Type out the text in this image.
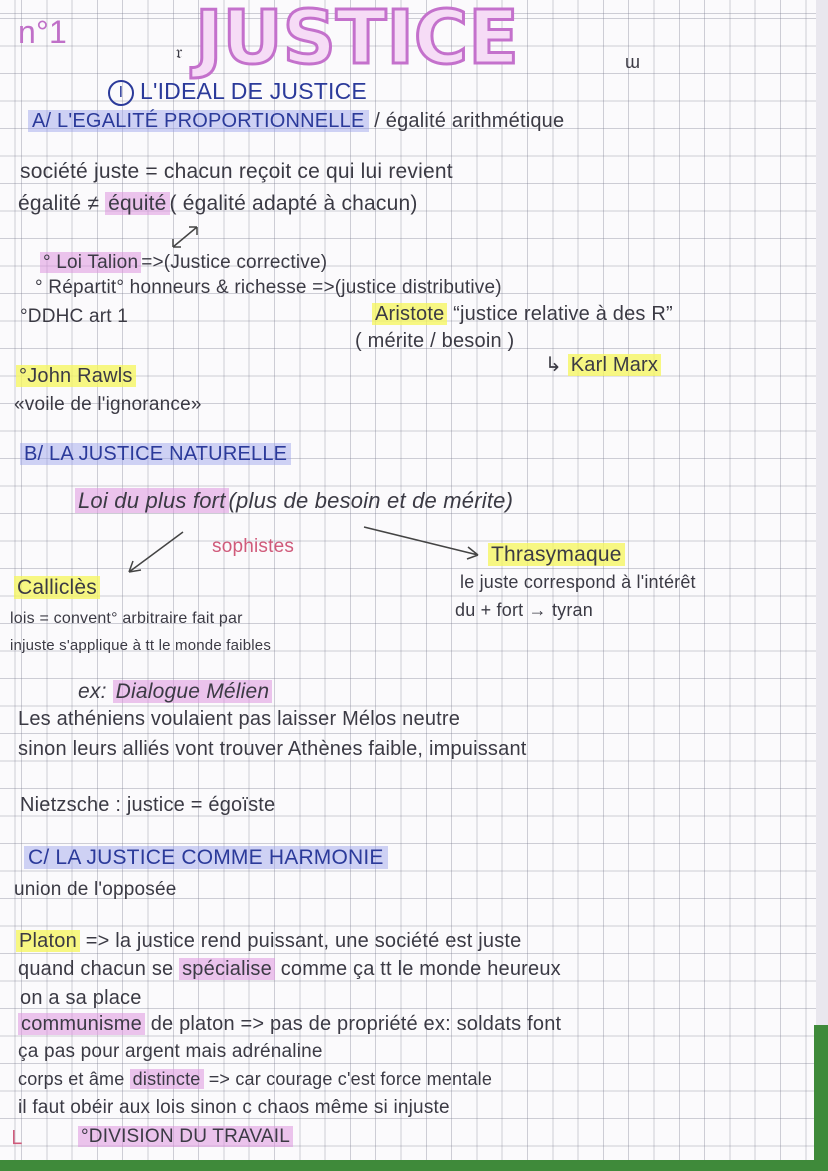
n°1
𝔯 JUSTICE	ɯ
I L'IDEAL DE JUSTICE
A/ L'EGALITÉ PROPORTIONNELLE / égalité arithmétique
société juste = chacun reçoit ce qui lui revient
égalité ≠ équité ( égalité adapté à chacun)
° Loi Talion =>(Justice corrective)
° Répartit° honneurs & richesse =>(justice distributive)
°DDHC art 1	Aristote “justice relative à des R”
( mérite / besoin )
↳ Karl Marx
°John Rawls
«voile de l'ignorance»
B/ LA JUSTICE NATURELLE
Loi du plus fort (plus de besoin et de mérite)
sophistes	Thrasymaque
le juste correspond à l'intérêt
du + fort → tyran
Calliclès
lois = convent° arbitraire fait par
injuste s'applique à tt le monde faibles
ex: Dialogue Mélien
Les athéniens voulaient pas laisser Mélos neutre
sinon leurs alliés vont trouver Athènes faible, impuissant
Nietzsche : justice = égoïste
C/ LA JUSTICE COMME HARMONIE
union de l'opposée
Platon => la justice rend puissant, une société est juste
quand chacun se spécialise comme ça tt le monde heureux
on a sa place
communisme de platon => pas de propriété ex: soldats font
ça pas pour argent mais adrénaline
corps et âme distincte => car courage c'est force mentale
il faut obéir aux lois sinon c chaos même si injuste
└	°DIVISION DU TRAVAIL
